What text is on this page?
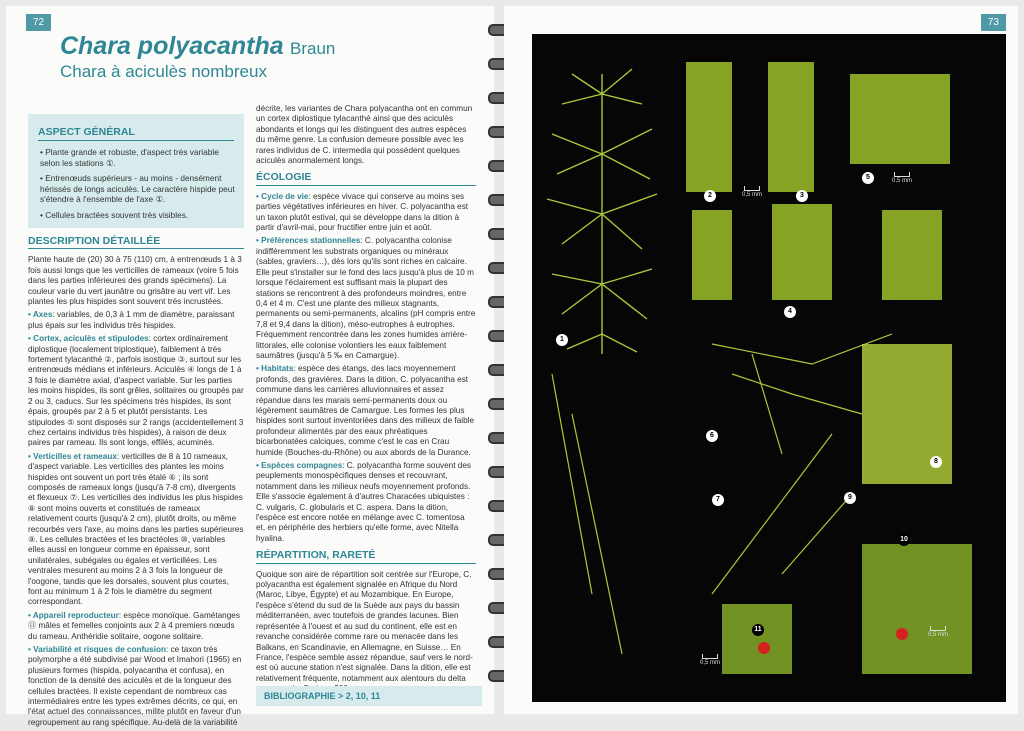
72
Chara polyacantha Braun
Chara à aciculès nombreux
ASPECT GÉNÉRAL

• Plante grande et robuste, d'aspect très variable selon les stations ①.

• Entrenœuds supérieurs - au moins - densément hérissés de longs aciculès. Le caractère hispide peut s'étendre à l'ensemble de l'axe ①.

• Cellules bractées souvent très visibles.

DESCRIPTION DÉTAILLÉE

Plante haute de (20) 30 à 75 (110) cm, à entrenœuds 1 à 3 fois aussi longs que les verticilles de rameaux (voire 5 fois dans les parties inférieures des grands spécimens). La couleur varie du vert jaunâtre ou grisâtre au vert vif. Les plantes les plus hispides sont souvent très incrustées.

• Axes: variables, de 0,3 à 1 mm de diamètre, paraissant plus épais sur les individus très hispides.

• Cortex, aciculès et stipulodes: cortex ordinairement diplostique (localement triplostique), faiblement à très fortement tylacanthé ②, parfois isostique ③, surtout sur les entrenœuds médians et inférieurs. Aciculès ④ longs de 1 à 3 fois le diamètre axial, d'aspect variable. Sur les parties les moins hispides, ils sont grêles, solitaires ou groupés par 2 ou 3, caducs. Sur les spécimens très hispides, ils sont épais, groupés par 2 à 5 et plutôt persistants. Les stipulodes ⑤ sont disposés sur 2 rangs (accidentellement 3 chez certains individus très hispides), à raison de deux paires par rameau. Ils sont longs, effilés, acuminés.

• Verticilles et rameaux: verticilles de 8 à 10 rameaux, d'aspect variable. Les verticilles des plantes les moins hispides ont souvent un port très étalé ⑥ ; ils sont composés de rameaux longs (jusqu'à 7-8 cm), divergents et flexueux ⑦. Les verticilles des individus les plus hispides ⑧ sont moins ouverts et constitués de rameaux relativement courts (jusqu'à 2 cm), plutôt droits, ou même recourbés vers l'axe, au moins dans les parties supérieures ⑨. Les cellules bractées et les bractéoles ⑩, variables elles aussi en longueur comme en épaisseur, sont unilatérales, subégales ou égales et verticillées. Les ventrales mesurent au moins 2 à 3 fois la longueur de l'oogone, tandis que les dorsales, souvent plus courtes, font au minimum 1 à 2 fois le diamètre du segment correspondant.

• Appareil reproducteur: espèce monoïque. Gamétanges ⑪ mâles et femelles conjoints aux 2 à 4 premiers nœuds du rameau. Anthéridie solitaire, oogone solitaire.

• Variabilité et risques de confusion: ce taxon très polymorphe a été subdivisé par Wood et Imahori (1965) en plusieurs formes (hispida, polyacantha et confusa), en fonction de la densité des aciculès et de la longueur des cellules bractées. Il existe cependant de nombreux cas intermédiaires entre les types extrêmes décrits, ce qui, en l'état actuel des connaissances, milite plutôt en faveur d'un regroupement au rang spécifique. Au-delà de la variabilité

décrite, les variantes de Chara polyacantha ont en commun un cortex diplostique tylacanthé ainsi que des aciculès abondants et longs qui les distinguent des autres espèces du même genre. La confusion demeure possible avec les rares individus de C. intermedia qui possèdent quelques aciculès anormalement longs.

ÉCOLOGIE

• Cycle de vie: espèce vivace qui conserve au moins ses parties végétatives inférieures en hiver. C. polyacantha est un taxon plutôt estival, qui se développe dans la dition à partir d'avril-mai, pour fructifier entre juin et août.

• Préférences stationnelles: C. polyacantha colonise indifféremment les substrats organiques ou minéraux (sables, graviers…), dès lors qu'ils sont riches en calcaire. Elle peut s'installer sur le fond des lacs jusqu'à plus de 10 m lorsque l'éclairement est suffisant mais la plupart des stations se rencontrent à des profondeurs moindres, entre 0,4 et 4 m. C'est une plante des milieux stagnants, permanents ou semi-permanents, alcalins (pH compris entre 7,8 et 9,4 dans la dition), méso-eutrophes à eutrophes. Fréquemment rencontrée dans les zones humides arrière-littorales, elle colonise volontiers les eaux faiblement saumâtres (jusqu'à 5 ‰ en Camargue).

• Habitats: espèce des étangs, des lacs moyennement profonds, des gravières. Dans la dition, C. polyacantha est commune dans les carrières alluvionnaires et assez répandue dans les marais semi-permanents doux ou légèrement saumâtres de Camargue. Les formes les plus hispides sont surtout inventoriées dans des milieux de faible profondeur alimentés par des eaux phréatiques bicarbonatées calciques, comme c'est le cas en Crau humide (Bouches-du-Rhône) ou aux abords de la Durance.

• Espèces compagnes: C. polyacantha forme souvent des peuplements monospécifiques denses et recouvrant, notamment dans les milieux neufs moyennement profonds. Elle s'associe également à d'autres Characées ubiquistes : C. vulgaris, C. globularis et C. aspera. Dans la dition, l'espèce est encore notée en mélange avec C. tomentosa et, en périphérie des herbiers qu'elle forme, avec Nitella hyalina.

RÉPARTITION, RARETÉ

Quoique son aire de répartition soit centrée sur l'Europe, C. polyacantha est également signalée en Afrique du Nord (Maroc, Libye, Égypte) et au Mozambique. En Europe, l'espèce s'étend du sud de la Suède aux pays du bassin méditerranéen, avec toutefois de grandes lacunes. Bien représentée à l'ouest et au sud du continent, elle est en revanche considérée comme rare ou menacée dans les Balkans, en Scandinavie, en Allemagne, en Suisse… En France, l'espèce semble assez répandue, sauf vers le nord-est où aucune station n'est signalée. Dans la dition, elle est relativement fréquente, notamment aux alentours du delta

BIBLIOGRAPHIE > 2, 10, 11
73
1
2	3
4
5
6
7
8
9
10
11
0,5 mm
0,5 mm
0,5 mm
0,5 mm
